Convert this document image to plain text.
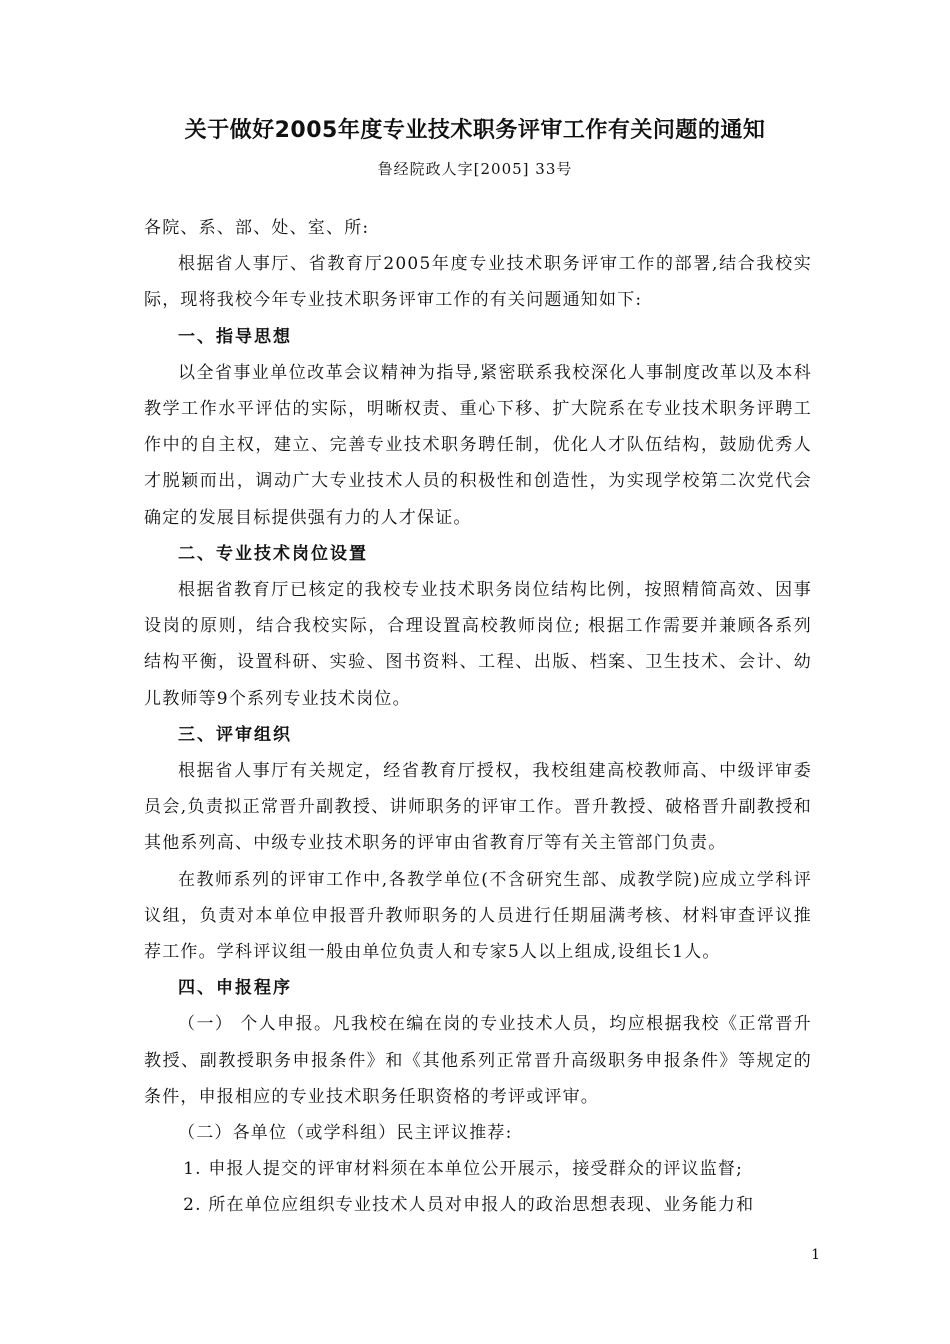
关于做好2005年度专业技术职务评审工作有关问题的通知
鲁经院政人字[2005] 33号

各院、系、部、处、室、所:

根据省人事厅、省教育厅2005年度专业技术职务评审工作的部署,结合我校实际，现将我校今年专业技术职务评审工作的有关问题通知如下:

一、指导思想

以全省事业单位改革会议精神为指导,紧密联系我校深化人事制度改革以及本科教学工作水平评估的实际，明晰权责、重心下移、扩大院系在专业技术职务评聘工作中的自主权，建立、完善专业技术职务聘任制，优化人才队伍结构，鼓励优秀人才脱颖而出，调动广大专业技术人员的积极性和创造性，为实现学校第二次党代会确定的发展目标提供强有力的人才保证。

二、专业技术岗位设置

根据省教育厅已核定的我校专业技术职务岗位结构比例，按照精简高效、因事设岗的原则，结合我校实际，合理设置高校教师岗位; 根据工作需要并兼顾各系列结构平衡，设置科研、实验、图书资料、工程、出版、档案、卫生技术、会计、幼儿教师等9个系列专业技术岗位。

三、评审组织

根据省人事厅有关规定，经省教育厅授权，我校组建高校教师高、中级评审委员会,负责拟正常晋升副教授、讲师职务的评审工作。晋升教授、破格晋升副教授和其他系列高、中级专业技术职务的评审由省教育厅等有关主管部门负责。

在教师系列的评审工作中,各教学单位(不含研究生部、成教学院)应成立学科评议组，负责对本单位申报晋升教师职务的人员进行任期届满考核、材料审查评议推荐工作。学科评议组一般由单位负责人和专家5人以上组成,设组长1人。

四、申报程序

（一） 个人申报。凡我校在编在岗的专业技术人员，均应根据我校《正常晋升教授、副教授职务申报条件》和《其他系列正常晋升高级职务申报条件》等规定的条件，申报相应的专业技术职务任职资格的考评或评审。

（二）各单位（或学科组）民主评议推荐:

1. 申报人提交的评审材料须在本单位公开展示，接受群众的评议监督;

2. 所在单位应组织专业技术人员对申报人的政治思想表现、业务能力和

1
